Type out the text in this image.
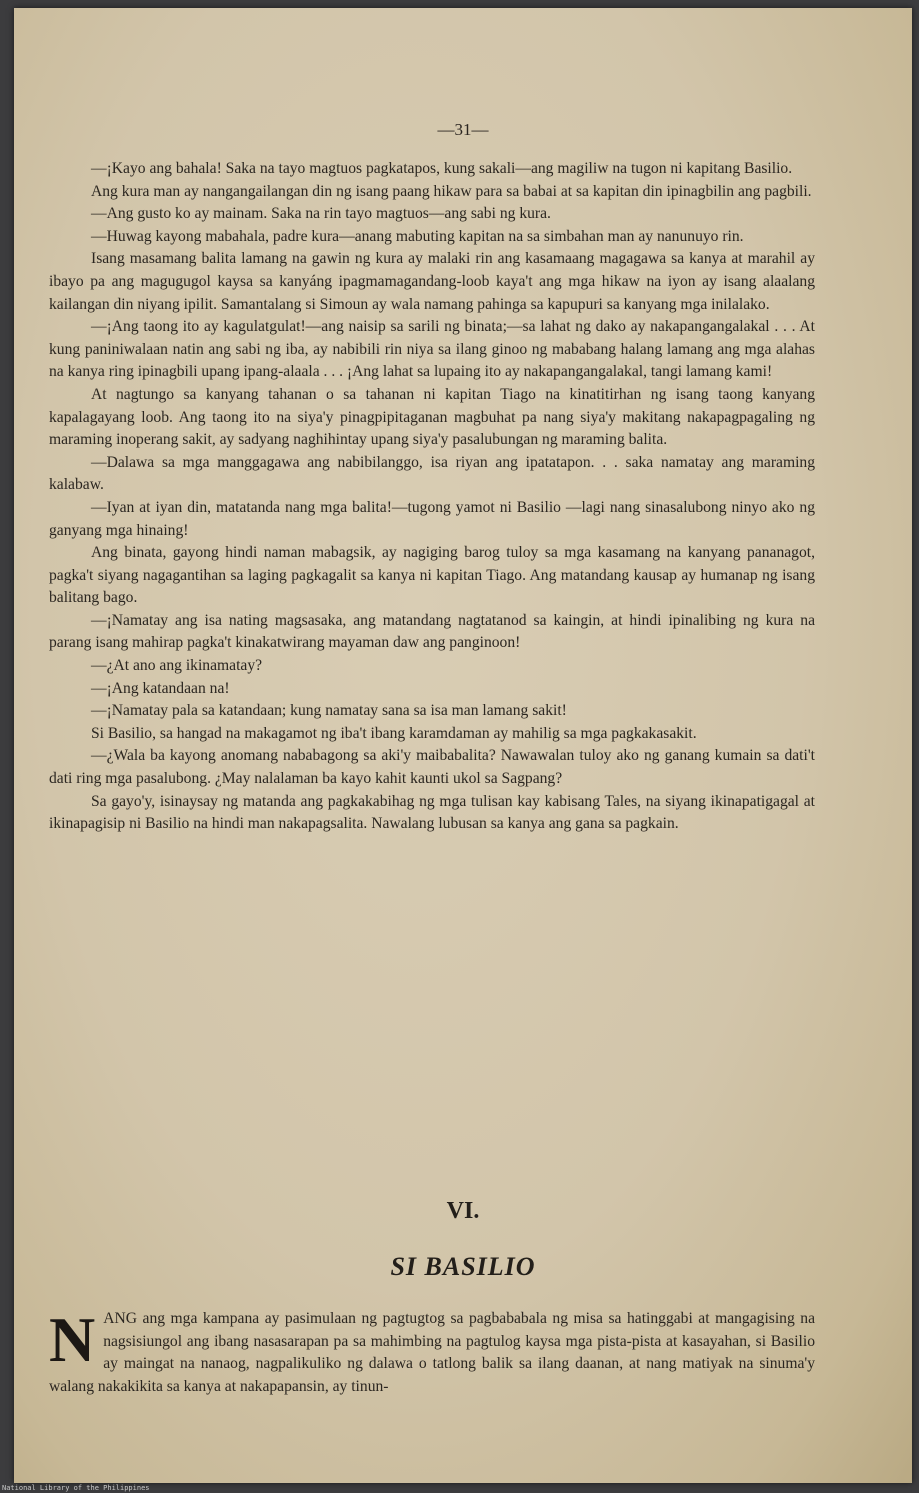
—31—

—¡Kayo ang bahala! Saka na tayo magtuos pagkatapos, kung sakali—ang magiliw na tugon ni kapitang Basilio.

Ang kura man ay nangangailangan din ng isang paang hikaw para sa babai at sa kapitan din ipinagbilin ang pagbili.

—Ang gusto ko ay mainam. Saka na rin tayo magtuos—ang sabi ng kura.

—Huwag kayong mabahala, padre kura—anang mabuting kapitan na sa simbahan man ay nanunuyo rin.

Isang masamang balita lamang na gawin ng kura ay malaki rin ang kasamaang magagawa sa kanya at marahil ay ibayo pa ang magugugol kaysa sa kanyáng ipagmamagandang-loob kaya't ang mga hikaw na iyon ay isang alaalang kailangan din niyang ipilit. Samantalang si Simoun ay wala namang pahinga sa kapupuri sa kanyang mga inilalako.

—¡Ang taong ito ay kagulatgulat!—ang naisip sa sarili ng binata;—sa lahat ng dako ay nakapangangalakal . . . At kung paniniwalaan natin ang sabi ng iba, ay nabibili rin niya sa ilang ginoo ng mababang halang lamang ang mga alahas na kanya ring ipinagbili upang ipang-alaala . . . ¡Ang lahat sa lupaing ito ay nakapangangalakal, tangi lamang kami!

At nagtungo sa kanyang tahanan o sa tahanan ni kapitan Tiago na kinatitirhan ng isang taong kanyang kapalagayang loob. Ang taong ito na siya'y pinagpipitaganan magbuhat pa nang siya'y makitang nakapagpagaling ng maraming inoperang sakit, ay sadyang naghihintay upang siya'y pasalubungan ng maraming balita.

—Dalawa sa mga manggagawa ang nabibilanggo, isa riyan ang ipatatapon. . . saka namatay ang maraming kalabaw.

—Iyan at iyan din, matatanda nang mga balita!—tugong yamot ni Basilio —lagi nang sinasalubong ninyo ako ng ganyang mga hinaing!

Ang binata, gayong hindi naman mabagsik, ay nagiging barog tuloy sa mga kasamang na kanyang pananagot, pagka't siyang nagagantihan sa laging pagkagalit sa kanya ni kapitan Tiago. Ang matandang kausap ay humanap ng isang balitang bago.

—¡Namatay ang isa nating magsasaka, ang matandang nagtatanod sa kaingin, at hindi ipinalibing ng kura na parang isang mahirap pagka't kinakatwirang mayaman daw ang panginoon!

—¿At ano ang ikinamatay?

—¡Ang katandaan na!

—¡Namatay pala sa katandaan; kung namatay sana sa isa man lamang sakit!

Si Basilio, sa hangad na makagamot ng iba't ibang karamdaman ay mahilig sa mga pagkakasakit.

—¿Wala ba kayong anomang nababagong sa aki'y maibabalita? Nawawalan tuloy ako ng ganang kumain sa dati't dati ring mga pasalubong. ¿May nalalaman ba kayo kahit kaunti ukol sa Sagpang?

Sa gayo'y, isinaysay ng matanda ang pagkakabihag ng mga tulisan kay kabisang Tales, na siyang ikinapatigagal at ikinapagisip ni Basilio na hindi man nakapagsalita. Nawalang lubusan sa kanya ang gana sa pagkain.

VI.
SI BASILIO
N ANG ang mga kampana ay pasimulaan ng pagtugtog sa pagbababala ng misa sa hatinggabi at mangagising na nagsisiungol ang ibang nasasarapan pa sa mahimbing na pagtulog kaysa mga pista-pista at kasayahan, si Basilio ay maingat na nanaog, nagpalikuliko ng dalawa o tatlong balik sa ilang daanan, at nang matiyak na sinuma'y walang nakakikita sa kanya at nakapapansin, ay tinun-
National Library of the Philippines
